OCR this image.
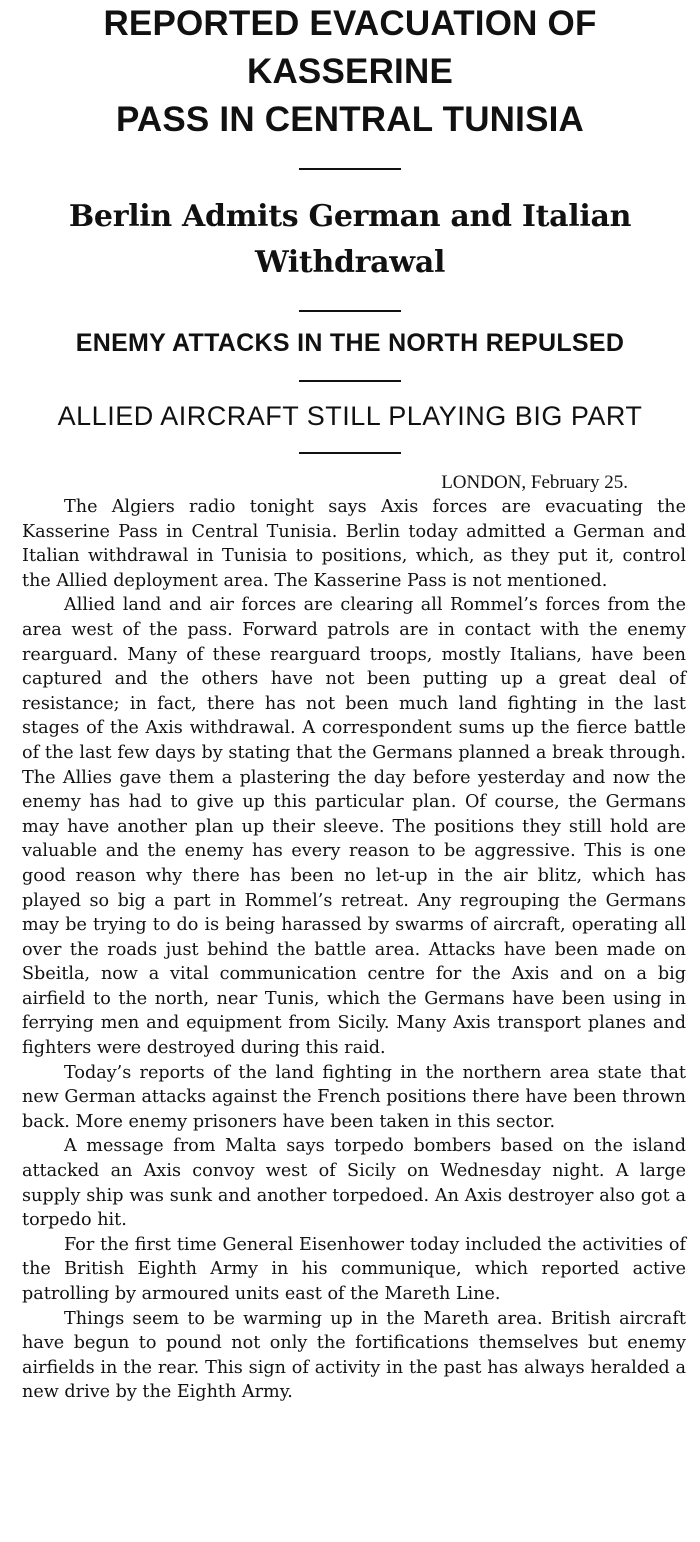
REPORTED EVACUATION OF KASSERINE
PASS IN CENTRAL TUNISIA
Berlin Admits German and Italian
Withdrawal
ENEMY ATTACKS IN THE NORTH REPULSED
ALLIED AIRCRAFT STILL PLAYING BIG PART

LONDON, February 25.

The Algiers radio tonight says Axis forces are evacuating the Kasserine Pass in Central Tunisia. Berlin today admitted a German and Italian withdrawal in Tunisia to positions, which, as they put it, control the Allied deployment area. The Kasserine Pass is not mentioned.

Allied land and air forces are clearing all Rommel’s forces from the area west of the pass. Forward patrols are in contact with the enemy rearguard. Many of these rearguard troops, mostly Italians, have been captured and the others have not been putting up a great deal of resistance; in fact, there has not been much land fighting in the last stages of the Axis withdrawal. A correspondent sums up the fierce battle of the last few days by stating that the Germans planned a break through. The Allies gave them a plastering the day before yesterday and now the enemy has had to give up this particular plan. Of course, the Germans may have another plan up their sleeve. The positions they still hold are valuable and the enemy has every reason to be aggressive. This is one good reason why there has been no let-up in the air blitz, which has played so big a part in Rommel’s retreat. Any regrouping the Germans may be trying to do is being harassed by swarms of aircraft, operating all over the roads just behind the battle area. Attacks have been made on Sbeitla, now a vital communication centre for the Axis and on a big airfield to the north, near Tunis, which the Germans have been using in ferrying men and equipment from Sicily. Many Axis transport planes and fighters were destroyed during this raid.

Today’s reports of the land fighting in the northern area state that new German attacks against the French positions there have been thrown back. More enemy prisoners have been taken in this sector.

A message from Malta says torpedo bombers based on the island attacked an Axis convoy west of Sicily on Wednesday night. A large supply ship was sunk and another torpedoed. An Axis destroyer also got a torpedo hit.

For the first time General Eisenhower today included the activities of the British Eighth Army in his communique, which reported active patrolling by armoured units east of the Mareth Line.

Things seem to be warming up in the Mareth area. British aircraft have begun to pound not only the fortifications themselves but enemy airfields in the rear. This sign of activity in the past has always heralded a new drive by the Eighth Army.
